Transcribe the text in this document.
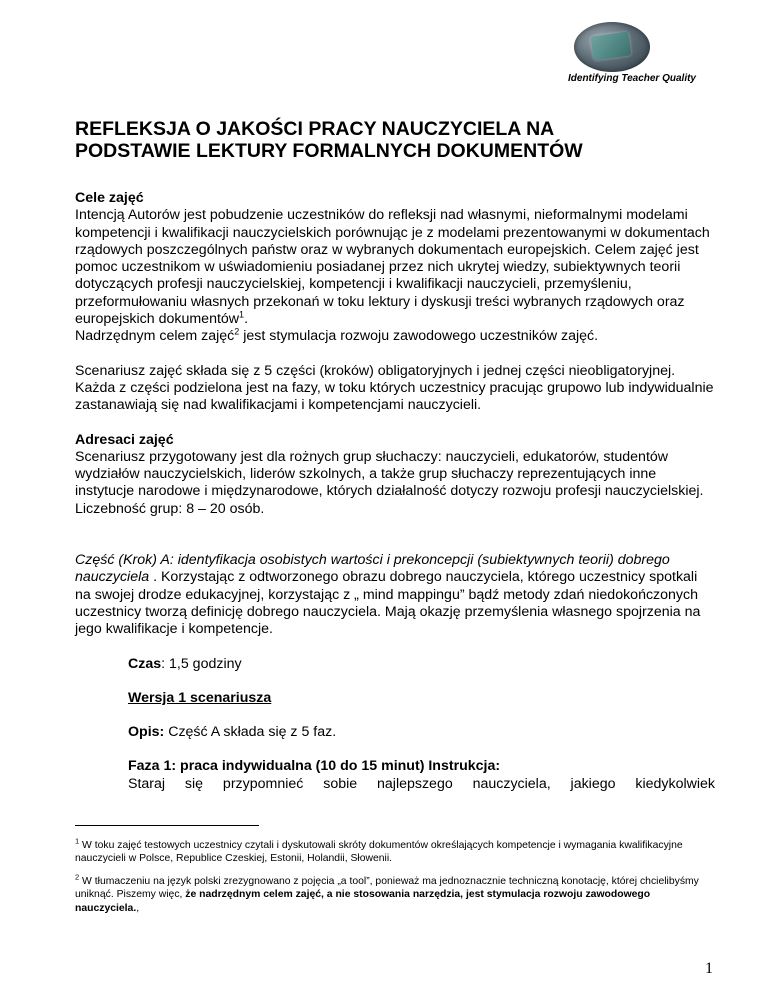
Identifying Teacher Quality
REFLEKSJA O JAKOŚCI PRACY NAUCZYCIELA NA
PODSTAWIE LEKTURY FORMALNYCH DOKUMENTÓW

Cele zajęć

Intencją Autorów jest pobudzenie uczestników do refleksji nad własnymi, nieformalnymi modelami kompetencji i kwalifikacji nauczycielskich porównując je z modelami prezentowanymi w dokumentach rządowych poszczególnych państw oraz w wybranych dokumentach europejskich. Celem zajęć jest pomoc uczestnikom w uświadomieniu posiadanej przez nich ukrytej wiedzy, subiektywnych teorii dotyczących profesji nauczycielskiej, kompetencji i kwalifikacji nauczycieli, przemyśleniu, przeformułowaniu własnych przekonań w toku lektury i dyskusji treści wybranych rządowych oraz europejskich dokumentów$^1$.
Nadrzędnym celem zajęć$^2$ jest stymulacja rozwoju zawodowego uczestników zajęć.

Scenariusz zajęć składa się z 5 części (kroków) obligatoryjnych i jednej części nieobligatoryjnej. Każda z części podzielona jest na fazy, w toku których uczestnicy pracując grupowo lub indywidualnie zastanawiają się nad kwalifikacjami i kompetencjami nauczycieli.

Adresaci zajęć

Scenariusz przygotowany jest dla rożnych grup słuchaczy: nauczycieli, edukatorów, studentów wydziałów nauczycielskich, liderów szkolnych, a także grup słuchaczy reprezentujących inne instytucje narodowe i międzynarodowe, których działalność dotyczy rozwoju profesji nauczycielskiej.

Liczebność grup: 8 – 20 osób.

Część (Krok) A: identyfikacja osobistych wartości i prekoncepcji (subiektywnych teorii) dobrego nauczyciela . Korzystając z odtworzonego obrazu dobrego nauczyciela, którego uczestnicy spotkali na swojej drodze edukacyjnej, korzystając z „ mind mappingu” bądź metody zdań niedokończonych uczestnicy tworzą definicję dobrego nauczyciela. Mają okazję przemyślenia własnego spojrzenia na jego kwalifikacje i kompetencje.

Czas: 1,5 godziny

Wersja 1 scenariusza

Opis: Część A składa się z 5 faz.

Faza 1: praca indywidualna (10 do 15 minut) Instrukcja:

Staraj się przypomnieć sobie najlepszego nauczyciela, jakiego kiedykolwiek

$^1$ W toku zajęć testowych uczestnicy czytali i dyskutowali skróty dokumentów określających kompetencje i wymagania kwalifikacyjne nauczycieli w Polsce, Republice Czeskiej, Estonii, Holandii, Słowenii.

$^2$ W tłumaczeniu na język polski zrezygnowano z pojęcia „a tool”, ponieważ ma jednoznacznie techniczną konotację, której chcielibyśmy uniknąć. Piszemy więc, że nadrzędnym celem zajęć, a nie stosowania narzędzia, jest stymulacja rozwoju zawodowego nauczyciela.,

1
